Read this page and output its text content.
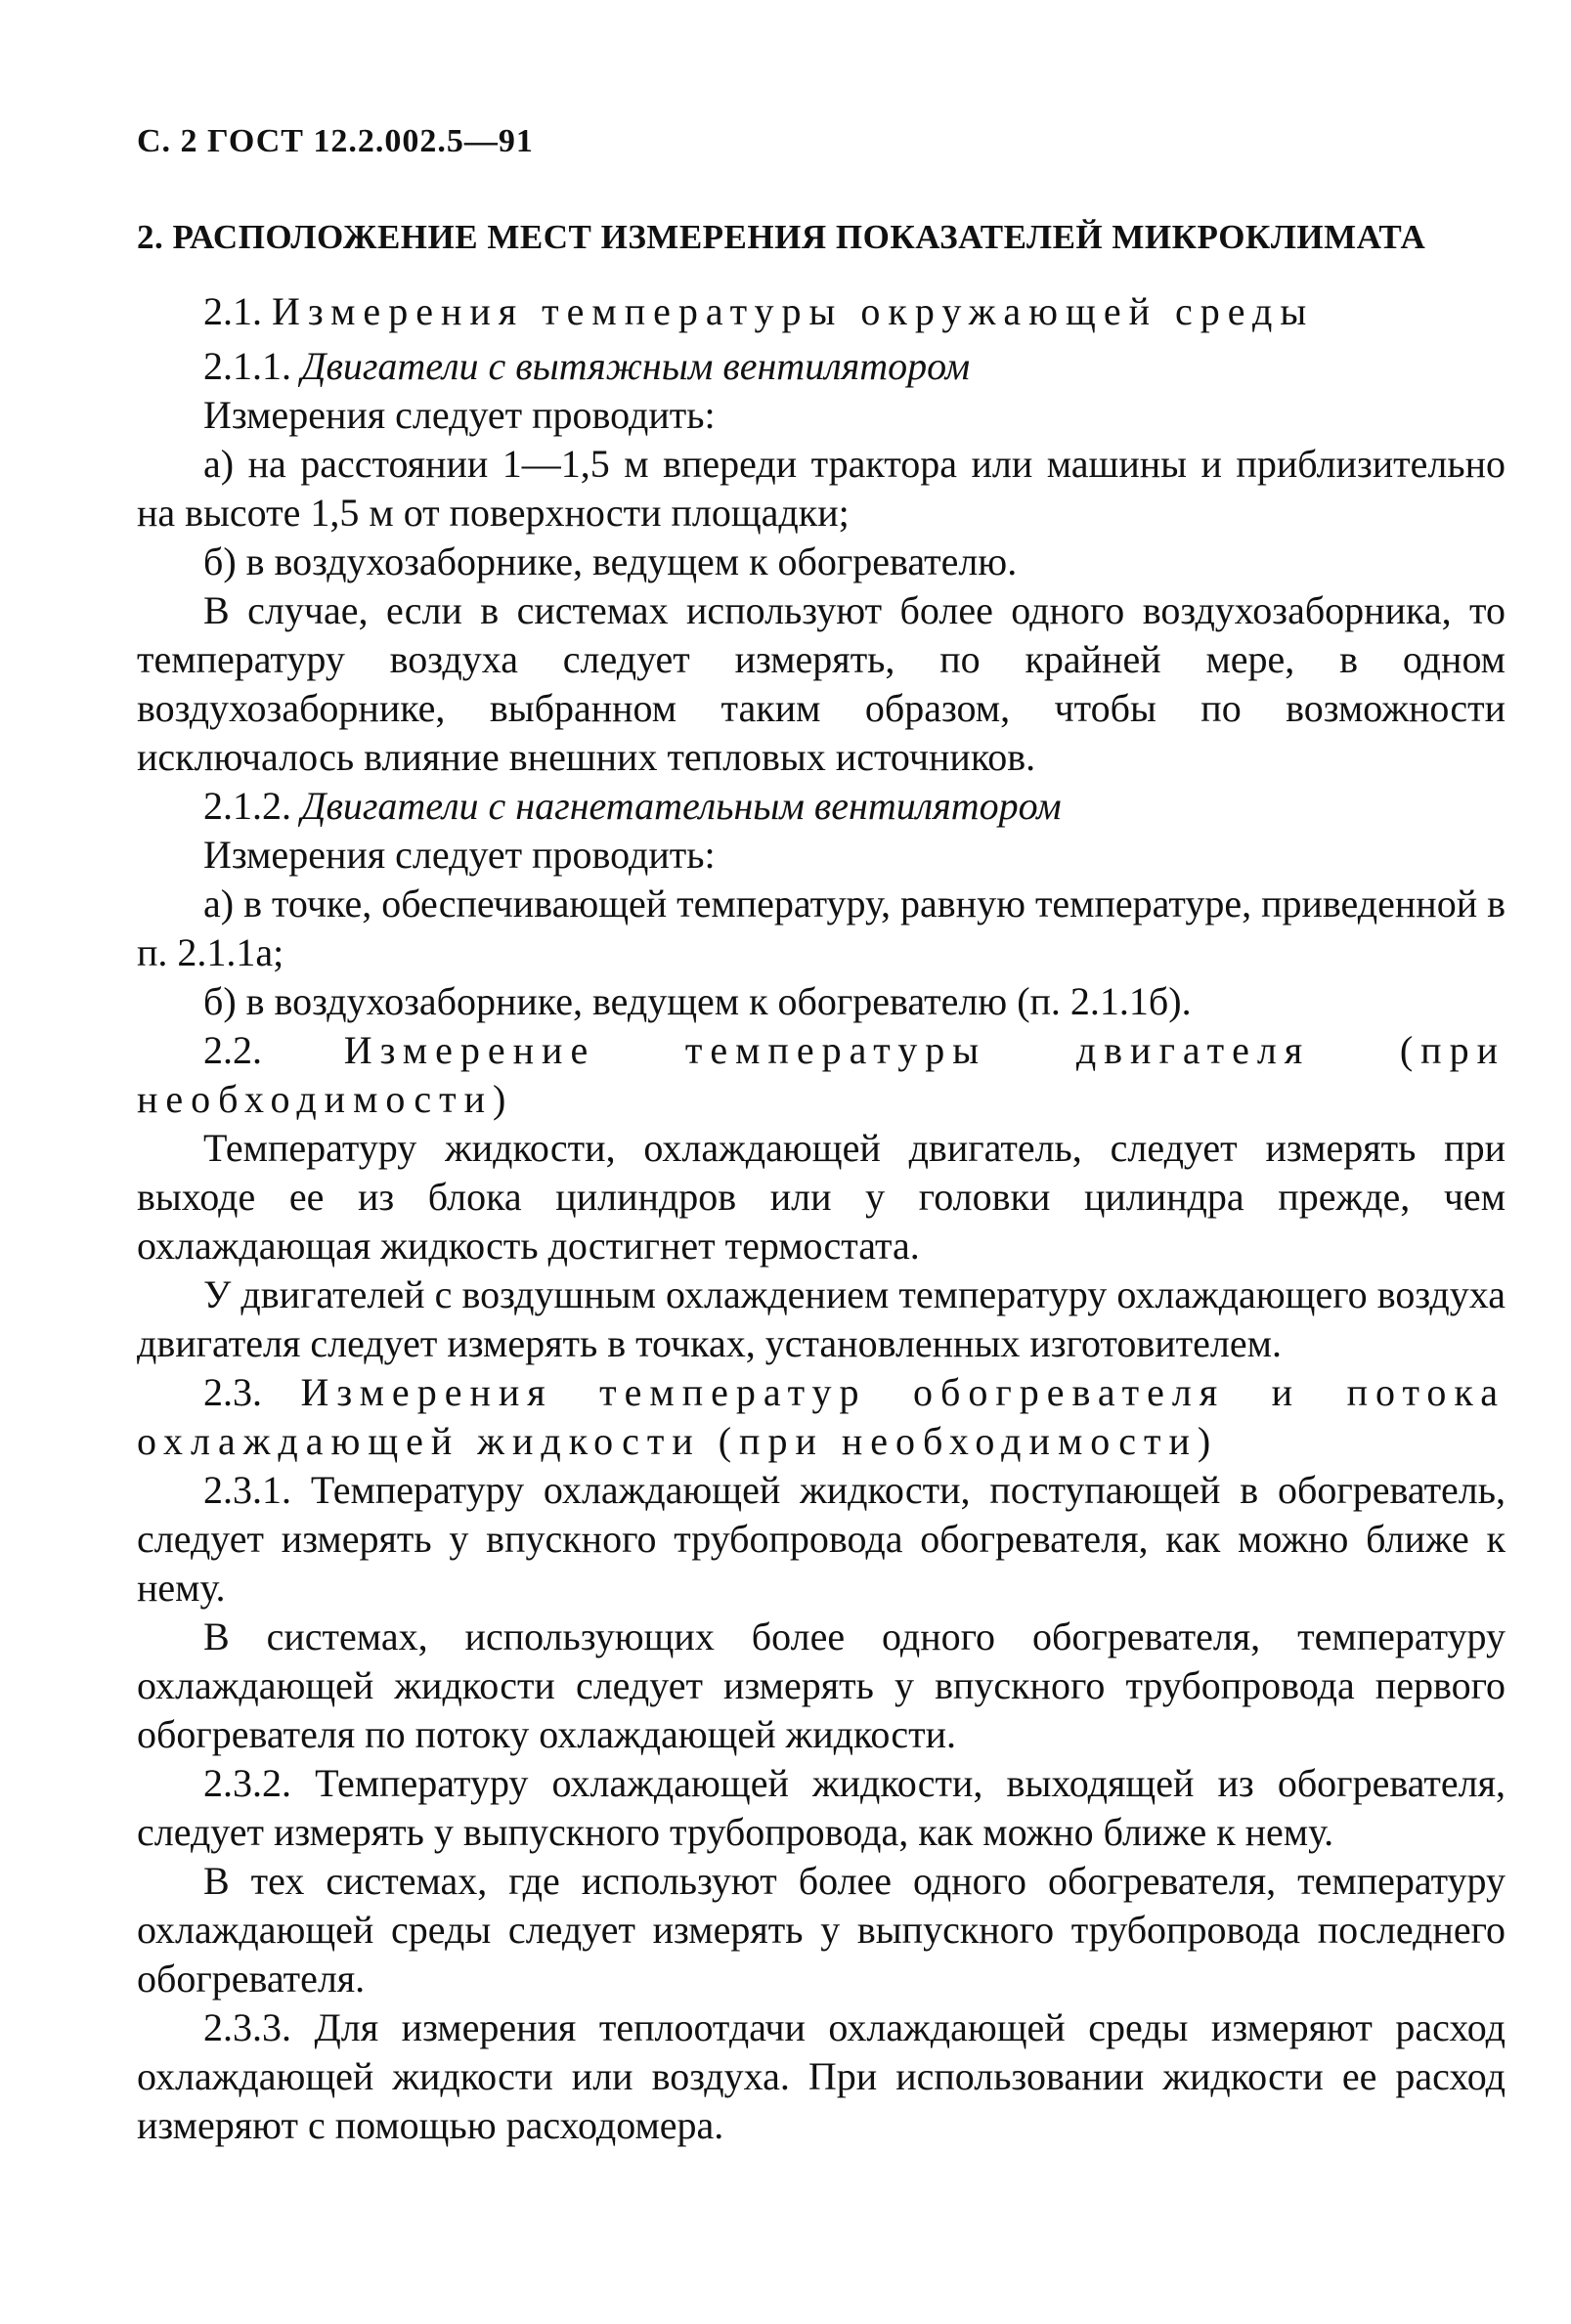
С. 2 ГОСТ 12.2.002.5—91
2. РАСПОЛОЖЕНИЕ МЕСТ ИЗМЕРЕНИЯ ПОКАЗАТЕЛЕЙ МИКРОКЛИМАТА

2.1. Измерения температуры окружающей среды

2.1.1. Двигатели с вытяжным вентилятором

Измерения следует проводить:

а) на расстоянии 1—1,5 м впереди трактора или машины и приблизительно на высоте 1,5 м от поверхности площадки;

б) в воздухозаборнике, ведущем к обогревателю.

В случае, если в системах используют более одного воздухозаборника, то температуру воздуха следует измерять, по крайней мере, в одном воздухозаборнике, выбранном таким образом, чтобы по возможности исключалось влияние внешних тепловых источников.

2.1.2. Двигатели с нагнетательным вентилятором

Измерения следует проводить:

а) в точке, обеспечивающей температуру, равную температуре, приведенной в п. 2.1.1а;

б) в воздухозаборнике, ведущем к обогревателю (п. 2.1.1б).

2.2. Измерение температуры двигателя (при необходимости)

Температуру жидкости, охлаждающей двигатель, следует измерять при выходе ее из блока цилиндров или у головки цилиндра прежде, чем охлаждающая жидкость достигнет термостата.

У двигателей с воздушным охлаждением температуру охлаждающего воздуха двигателя следует измерять в точках, установленных изготовителем.

2.3. Измерения температур обогревателя и потока охлаждающей жидкости (при необходимости)

2.3.1. Температуру охлаждающей жидкости, поступающей в обогреватель, следует измерять у впускного трубопровода обогревателя, как можно ближе к нему.

В системах, использующих более одного обогревателя, температуру охлаждающей жидкости следует измерять у впускного трубопровода первого обогревателя по потоку охлаждающей жидкости.

2.3.2. Температуру охлаждающей жидкости, выходящей из обогревателя, следует измерять у выпускного трубопровода, как можно ближе к нему.

В тех системах, где используют более одного обогревателя, температуру охлаждающей среды следует измерять у выпускного трубопровода последнего обогревателя.

2.3.3. Для измерения теплоотдачи охлаждающей среды измеряют расход охлаждающей жидкости или воздуха. При использовании жидкости ее расход измеряют с помощью расходомера.
